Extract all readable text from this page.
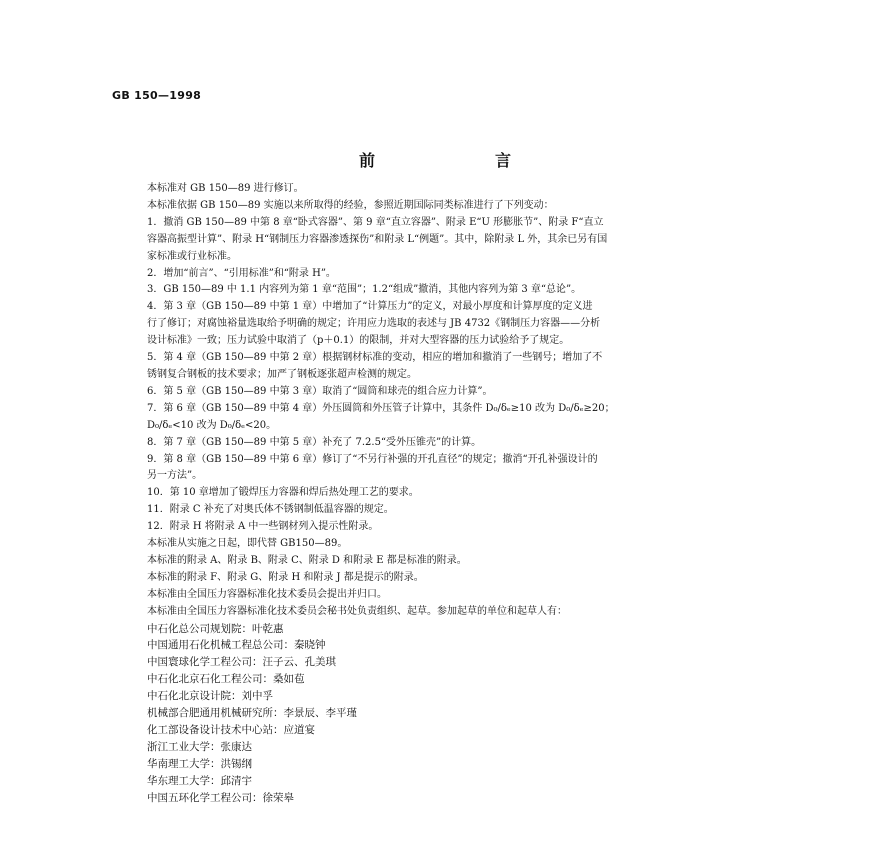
GB 150—1998
前　言

本标准对 GB 150—89 进行修订。

本标准依据 GB 150—89 实施以来所取得的经验，参照近期国际同类标准进行了下列变动：

1．撤消 GB 150—89 中第 8 章“卧式容器”、第 9 章“直立容器”、附录 E“U 形膨胀节”、附录 F“直立

容器高振型计算”、附录 H“钢制压力容器渗透探伤”和附录 L“例题”。其中，除附录 L 外，其余已另有国

家标准或行业标准。

2．增加“前言”、“引用标准”和“附录 H”。

3．GB 150—89 中 1.1 内容列为第 1 章“范围”；1.2“组成”撤消，其他内容列为第 3 章“总论”。

4．第 3 章（GB 150—89 中第 1 章）中增加了“计算压力”的定义，对最小厚度和计算厚度的定义进

行了修订；对腐蚀裕量选取给予明确的规定；许用应力选取的表述与 JB 4732《钢制压力容器——分析

设计标准》一致；压力试验中取消了（p＋0.1）的限制，并对大型容器的压力试验给予了规定。

5．第 4 章（GB 150—89 中第 2 章）根据钢材标准的变动，相应的增加和撤消了一些钢号；增加了不

锈钢复合钢板的技术要求；加严了钢板逐张超声检测的规定。

6．第 5 章（GB 150—89 中第 3 章）取消了“圆筒和球壳的组合应力计算”。

7．第 6 章（GB 150—89 中第 4 章）外压圆筒和外压管子计算中，其条件 D₀/δₑ≥10 改为 D₀/δₑ≥20；

D₀/δₑ<10 改为 D₀/δₑ<20。

8．第 7 章（GB 150—89 中第 5 章）补充了 7.2.5“受外压锥壳”的计算。

9．第 8 章（GB 150—89 中第 6 章）修订了“不另行补强的开孔直径”的规定；撤消“开孔补强设计的

另一方法”。

10．第 10 章增加了锻焊压力容器和焊后热处理工艺的要求。

11．附录 C 补充了对奥氏体不锈钢制低温容器的规定。

12．附录 H 将附录 A 中一些钢材列入提示性附录。

本标准从实施之日起，即代替 GB150—89。

本标准的附录 A、附录 B、附录 C、附录 D 和附录 E 都是标准的附录。

本标准的附录 F、附录 G、附录 H 和附录 J 都是提示的附录。

本标准由全国压力容器标准化技术委员会提出并归口。

本标准由全国压力容器标准化技术委员会秘书处负责组织、起草。参加起草的单位和起草人有：

中石化总公司规划院：叶乾惠

中国通用石化机械工程总公司：秦晓钟

中国寰球化学工程公司：汪子云、孔美琪

中石化北京石化工程公司：桑如苞

中石化北京设计院：刘中孚

机械部合肥通用机械研究所：李景辰、李平瑾

化工部设备设计技术中心站：应道宴

浙江工业大学：张康达

华南理工大学：洪锡纲

华东理工大学：邱清宇

中国五环化学工程公司：徐荣皋
